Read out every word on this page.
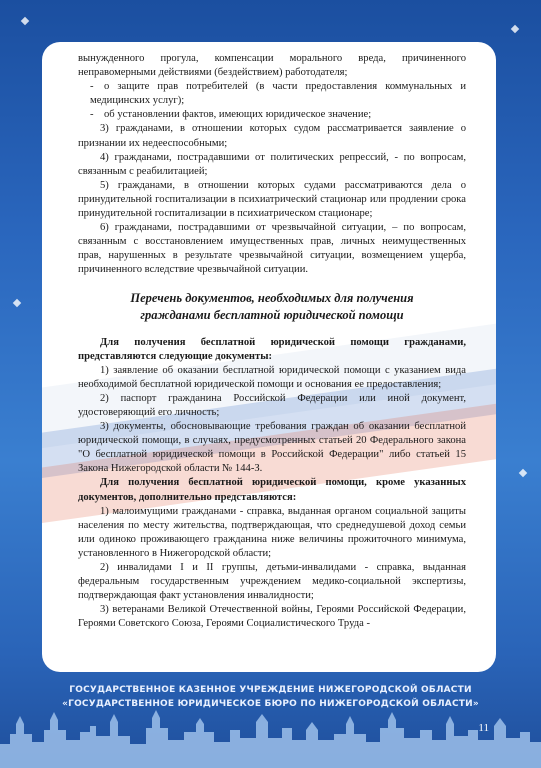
вынужденного прогула, компенсации морального вреда, причиненного неправомерными действиями (бездействием) работодателя;

- о защите прав потребителей (в части предоставления коммунальных и медицинских услуг);

- об установлении фактов, имеющих юридическое значение;

3) гражданами, в отношении которых судом рассматривается заявление о признании их недееспособными;

4) гражданами, пострадавшими от политических репрессий, - по вопросам, связанным с реабилитацией;

5) гражданами, в отношении которых судами рассматриваются дела о принудительной госпитализации в психиатрический стационар или продлении срока принудительной госпитализации в психиатрическом стационаре;

6) гражданами, пострадавшими от чрезвычайной ситуации, – по вопросам, связанным с восстановлением имущественных прав, личных неимущественных прав, нарушенных в результате чрезвычайной ситуации, возмещением ущерба, причиненного вследствие чрезвычайной ситуации.

Перечень документов, необходимых для получения
гражданами бесплатной юридической помощи

Для получения бесплатной юридической помощи гражданами, представляются следующие документы:

1) заявление об оказании бесплатной юридической помощи с указанием вида необходимой бесплатной юридической помощи и основания ее предоставления;

2) паспорт гражданина Российской Федерации или иной документ, удостоверяющий его личность;

3) документы, обосновывающие требования граждан об оказании бесплатной юридической помощи, в случаях, предусмотренных статьей 20 Федерального закона "О бесплатной юридической помощи в Российской Федерации" либо статьей 15 Закона Нижегородской области № 144-З.

Для получения бесплатной юридической помощи, кроме указанных документов, дополнительно представляются:

1) малоимущими гражданами - справка, выданная органом социальной защиты населения по месту жительства, подтверждающая, что среднедушевой доход семьи или одиноко проживающего гражданина ниже величины прожиточного минимума, установленного в Нижегородской области;

2) инвалидами I и II группы, детьми-инвалидами - справка, выданная федеральным государственным учреждением медико-социальной экспертизы, подтверждающая факт установления инвалидности;

3) ветеранами Великой Отечественной войны, Героями Российской Федерации, Героями Советского Союза, Героями Социалистического Труда -

ГОСУДАРСТВЕННОЕ КАЗЕННОЕ УЧРЕЖДЕНИЕ НИЖЕГОРОДСКОЙ ОБЛАСТИ
«ГОСУДАРСТВЕННОЕ ЮРИДИЧЕСКОЕ БЮРО ПО НИЖЕГОРОДСКОЙ ОБЛАСТИ»
11
